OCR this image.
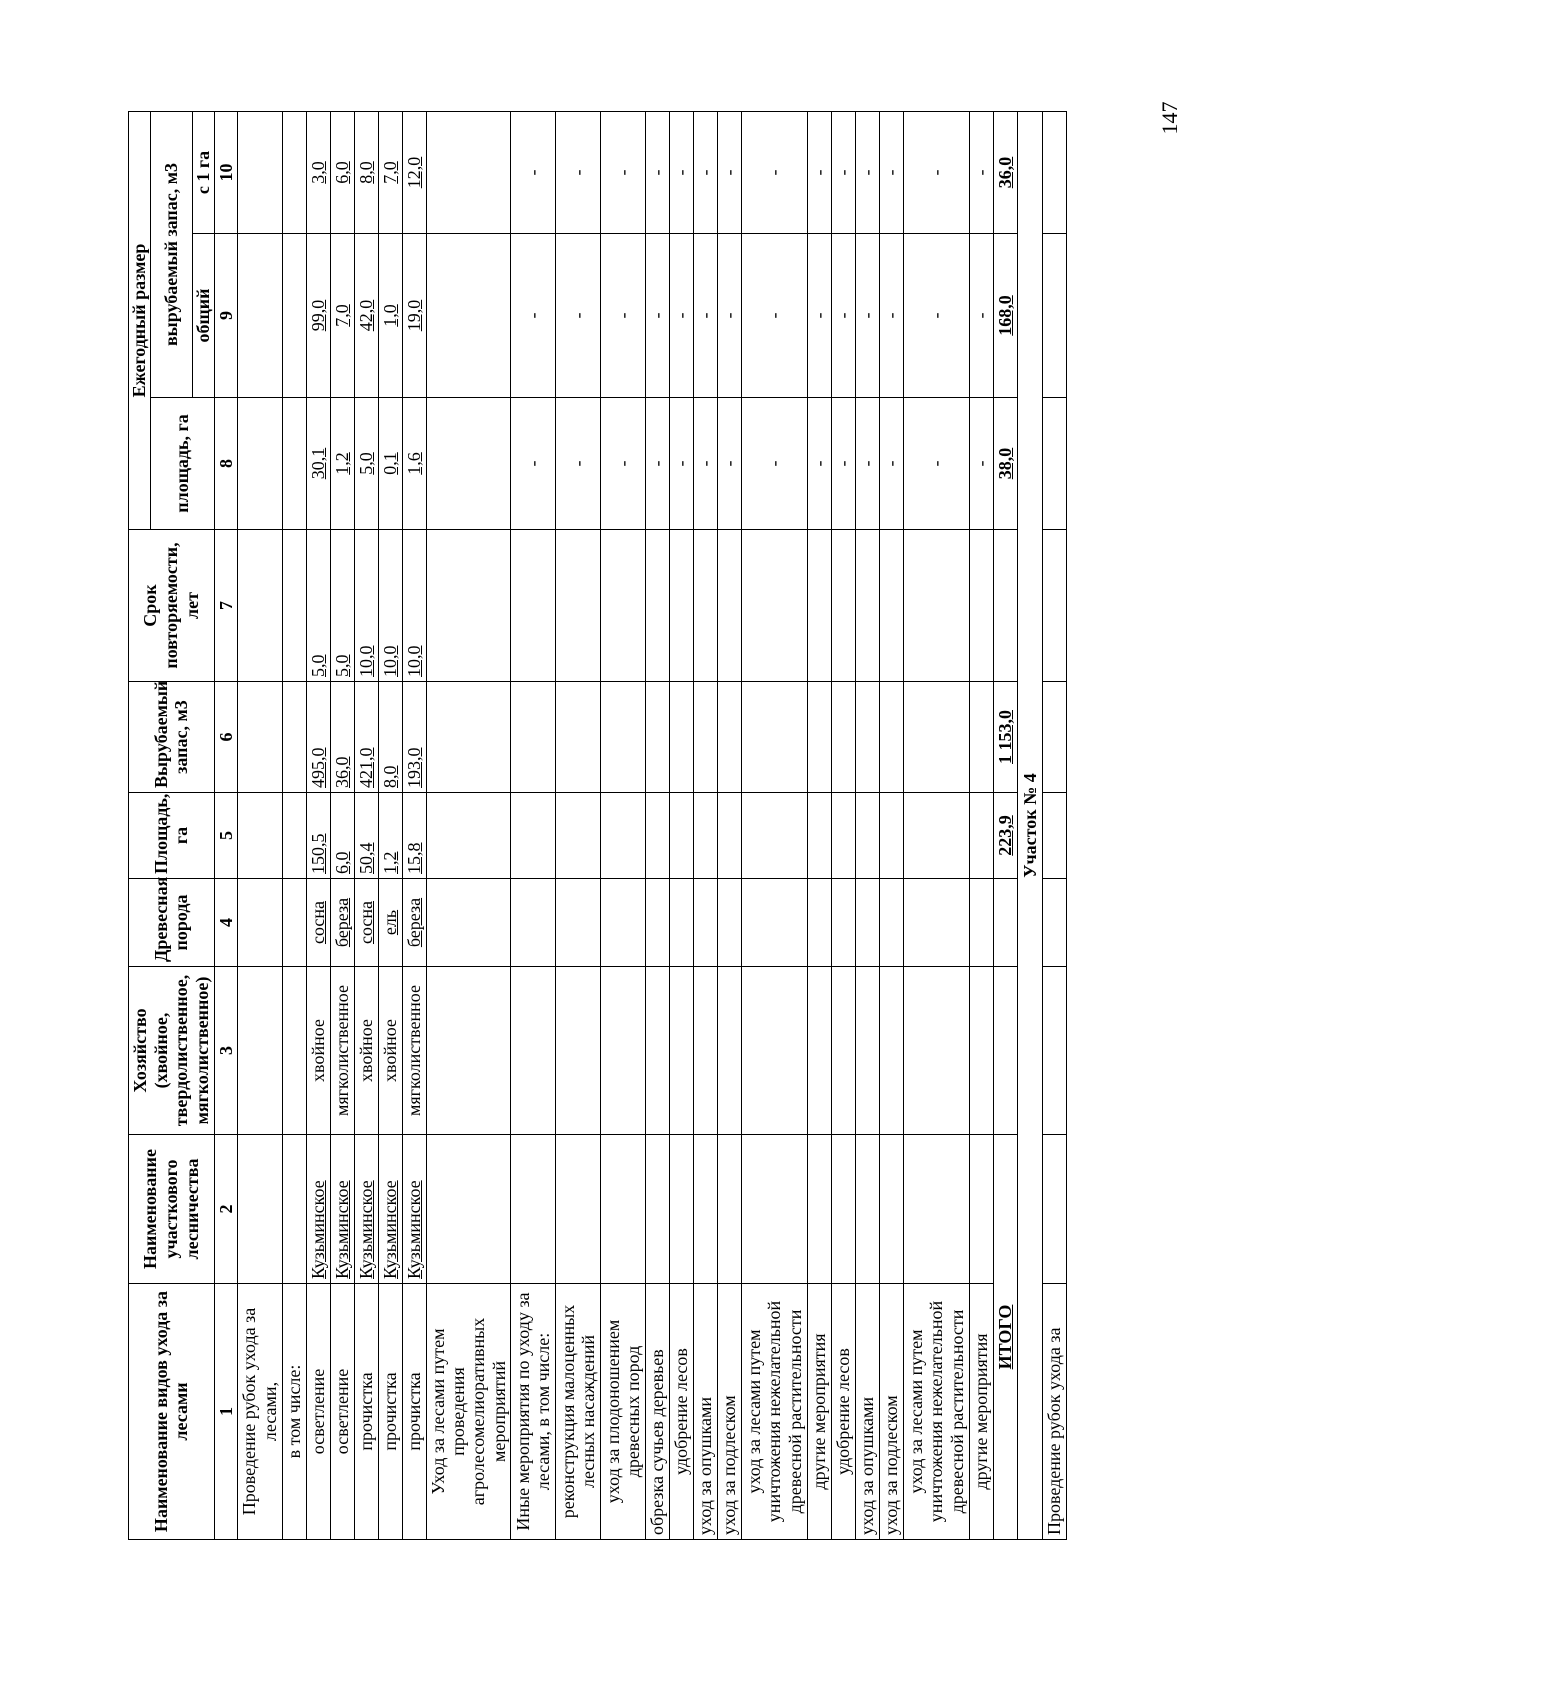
147
Наименование видов ухода за лесами	Наименование участкового лесничества	Хозяйство (хвойное, твердолиственное, мягколиственное)	Древесная порода	Площадь, га	Вырубаемый запас, м3	Срок повторяемости, лет	Ежегодный размер		
							площадь, га	вырубаемый запас, м3	
								общий	с 1 га
1	2	3	4	5	6	7	8	9	10
Проведение рубок ухода за лесами,									
в том числе:									
осветление	Кузьминское	хвойное	сосна	150,5	495,0	5,0	30,1	99,0	3,0
осветление	Кузьминское	мягколиственное	береза	6,0	36,0	5,0	1,2	7,0	6,0
прочистка	Кузьминское	хвойное	сосна	50,4	421,0	10,0	5,0	42,0	8,0
прочистка	Кузьминское	хвойное	ель	1,2	8,0	10,0	0,1	1,0	7,0
прочистка	Кузьминское	мягколиственное	береза	15,8	193,0	10,0	1,6	19,0	12,0
Уход за лесами путем проведения агролесомелиоративных мероприятий									
Иные мероприятия по уходу за лесами, в том числе:							-	-	-
реконструкция малоценных лесных насаждений							-	-	-
уход за плодоношением древесных пород							-	-	-
обрезка сучьев деревьев							-	-	-
удобрение лесов							-	-	-
уход за опушками							-	-	-
уход за подлеском							-	-	-
уход за лесами путем уничтожения нежелательной древесной растительности							-	-	-
другие мероприятия							-	-	-
удобрение лесов							-	-	-
уход за опушками							-	-	-
уход за подлеском							-	-	-
уход за лесами путем уничтожения нежелательной древесной растительности							-	-	-
другие мероприятия							-	-	-
ИТОГО				223,9	1 153,0		38,0	168,0	36,0
Участок № 4									
Проведение рубок ухода за									
